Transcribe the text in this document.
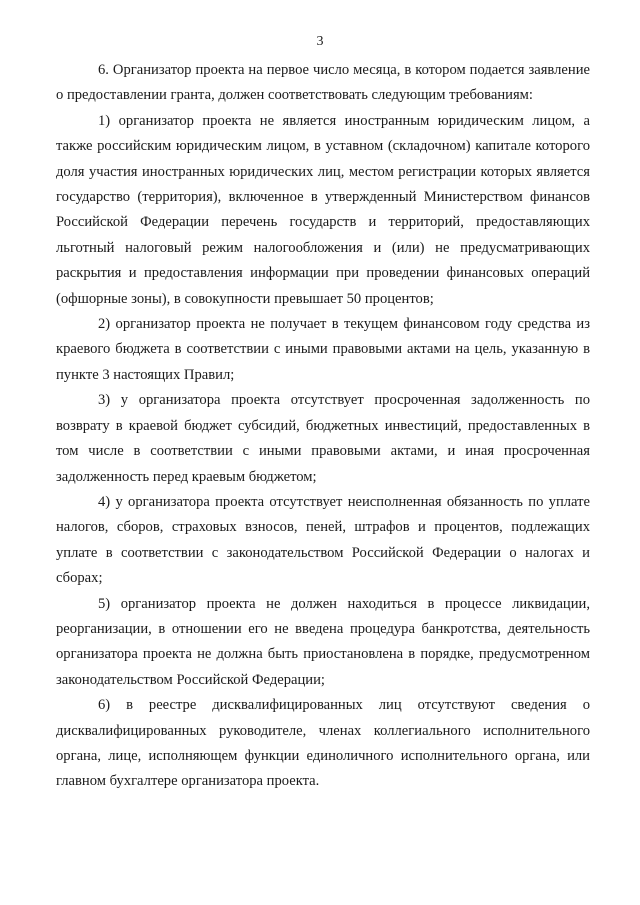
3

6. Организатор проекта на первое число месяца, в котором подается заявление о предоставлении гранта, должен соответствовать следующим требованиям:

1) организатор проекта не является иностранным юридическим лицом, а также российским юридическим лицом, в уставном (складочном) капитале которого доля участия иностранных юридических лиц, местом регистрации которых является государство (территория), включенное в утвержденный Министерством финансов Российской Федерации перечень государств и территорий, предоставляющих льготный налоговый режим налогообложения и (или) не предусматривающих раскрытия и предоставления информации при проведении финансовых операций (офшорные зоны), в совокупности превышает 50 процентов;

2) организатор проекта не получает в текущем финансовом году средства из краевого бюджета в соответствии с иными правовыми актами на цель, указанную в пункте 3 настоящих Правил;

3) у организатора проекта отсутствует просроченная задолженность по возврату в краевой бюджет субсидий, бюджетных инвестиций, предоставленных в том числе в соответствии с иными правовыми актами, и иная просроченная задолженность перед краевым бюджетом;

4) у организатора проекта отсутствует неисполненная обязанность по уплате налогов, сборов, страховых взносов, пеней, штрафов и процентов, подлежащих уплате в соответствии с законодательством Российской Федерации о налогах и сборах;

5) организатор проекта не должен находиться в процессе ликвидации, реорганизации, в отношении его не введена процедура банкротства, деятельность организатора проекта не должна быть приостановлена в порядке, предусмотренном законодательством Российской Федерации;

6) в реестре дисквалифицированных лиц отсутствуют сведения о дисквалифицированных руководителе, членах коллегиального исполнительного органа, лице, исполняющем функции единоличного исполнительного органа, или главном бухгалтере организатора проекта.
